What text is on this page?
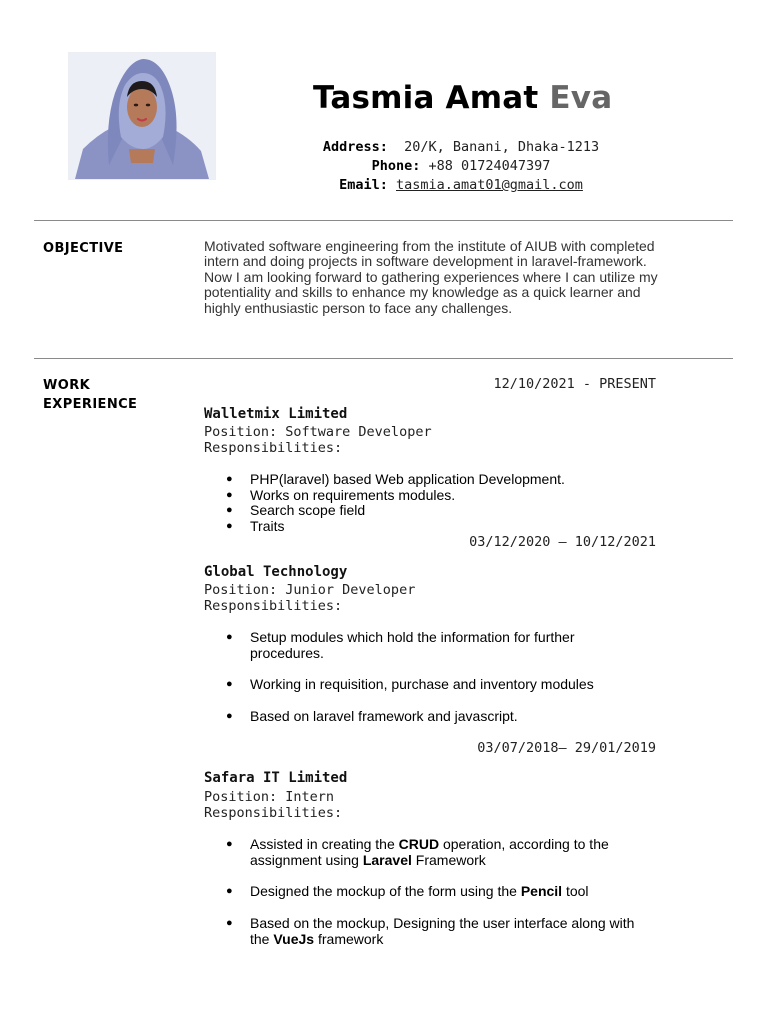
Tasmia Amat Eva
Address: 20/K, Banani, Dhaka-1213
Phone: +88 01724047397
Email: tasmia.amat01@gmail.com
OBJECTIVE	Motivated software engineering from the institute of AIUB with completed intern and doing projects in software development in laravel-framework. Now I am looking forward to gathering experiences where I can utilize my potentiality and skills to enhance my knowledge as a quick learner and highly enthusiastic person to face any challenges.

WORK
EXPERIENCE
12/10/2021 - PRESENT
Walletmix Limited
Position: Software Developer
Responsibilities:
● PHP(laravel) based Web application Development.
● Works on requirements modules.
● Search scope field
● Traits
03/12/2020 – 10/12/2021
Global Technology
Position: Junior Developer
Responsibilities:
● Setup modules which hold the information for further procedures.
● Working in requisition, purchase and inventory modules
● Based on laravel framework and javascript.
03/07/2018– 29/01/2019
Safara IT Limited
Position: Intern
Responsibilities:
● Assisted in creating the CRUD operation, according to the assignment using Laravel Framework
● Designed the mockup of the form using the Pencil tool
● Based on the mockup, Designing the user interface along with the VueJs framework
